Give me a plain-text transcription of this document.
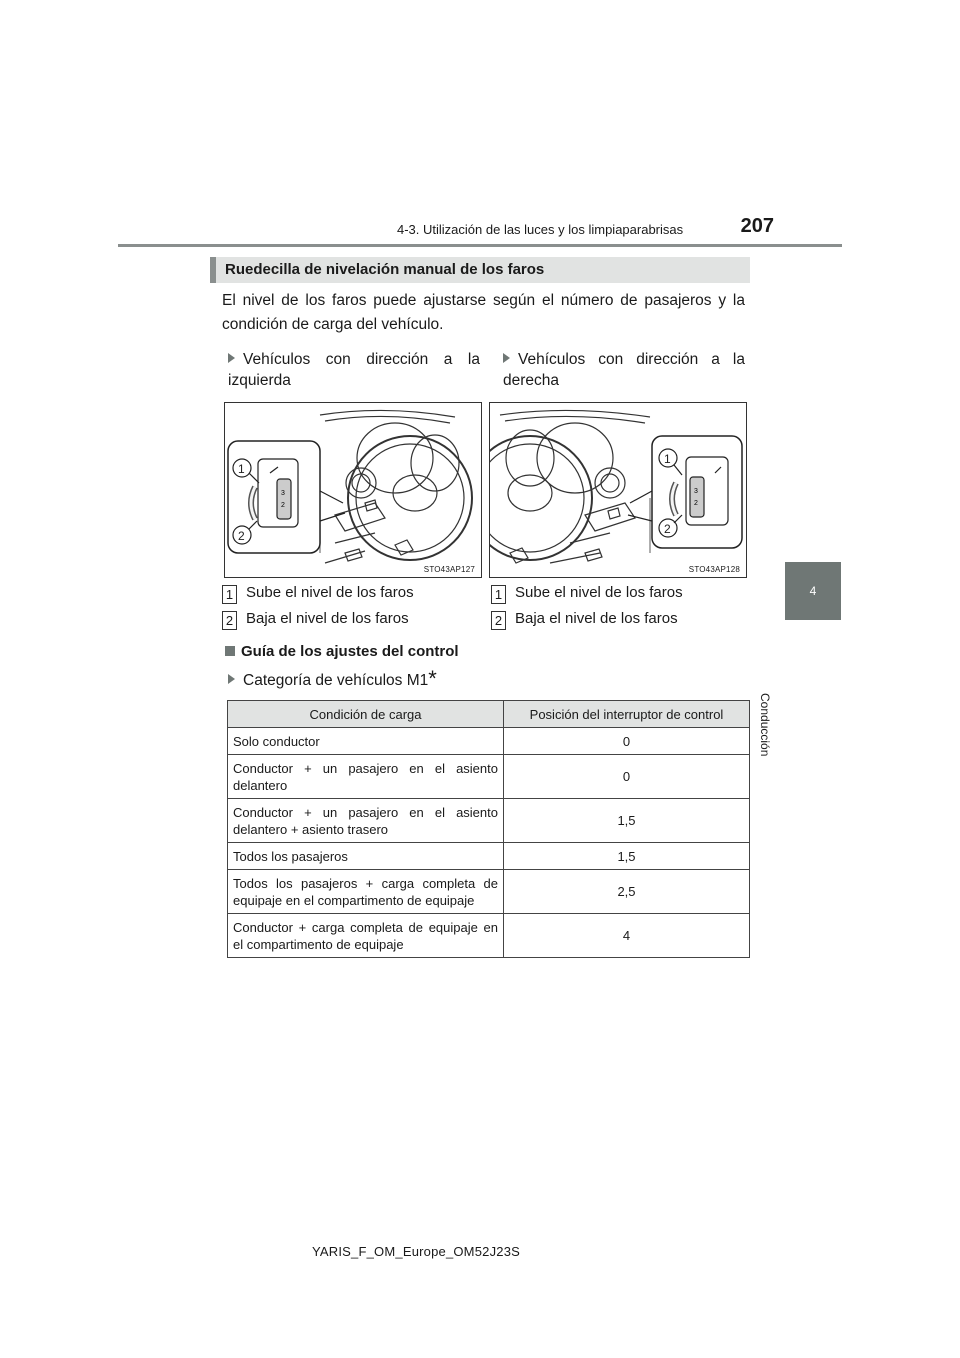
4-3. Utilización de las luces y los limpiaparabrisas	207
4
Conducción
Ruedecilla de nivelación manual de los faros
El nivel de los faros puede ajustarse según el número de pasajeros y la condición de carga del vehículo.
Vehículos con dirección a la izquierda
Vehículos con dirección a la derecha
1
2
3
2
STO43AP127
1
2
3
2
STO43AP128
1 Sube el nivel de los faros
2 Baja el nivel de los faros
1 Sube el nivel de los faros
2 Baja el nivel de los faros
Guía de los ajustes del control
Categoría de vehículos M1*
Condición de carga	Posición del interruptor de control
Solo conductor	0
Conductor + un pasajero en el asiento delantero	0
Conductor + un pasajero en el asiento delantero + asiento trasero	1,5
Todos los pasajeros	1,5
Todos los pasajeros + carga completa de equipaje en el compartimento de equipaje	2,5
Conductor + carga completa de equipaje en el compartimento de equipaje	4
YARIS_F_OM_Europe_OM52J23S
